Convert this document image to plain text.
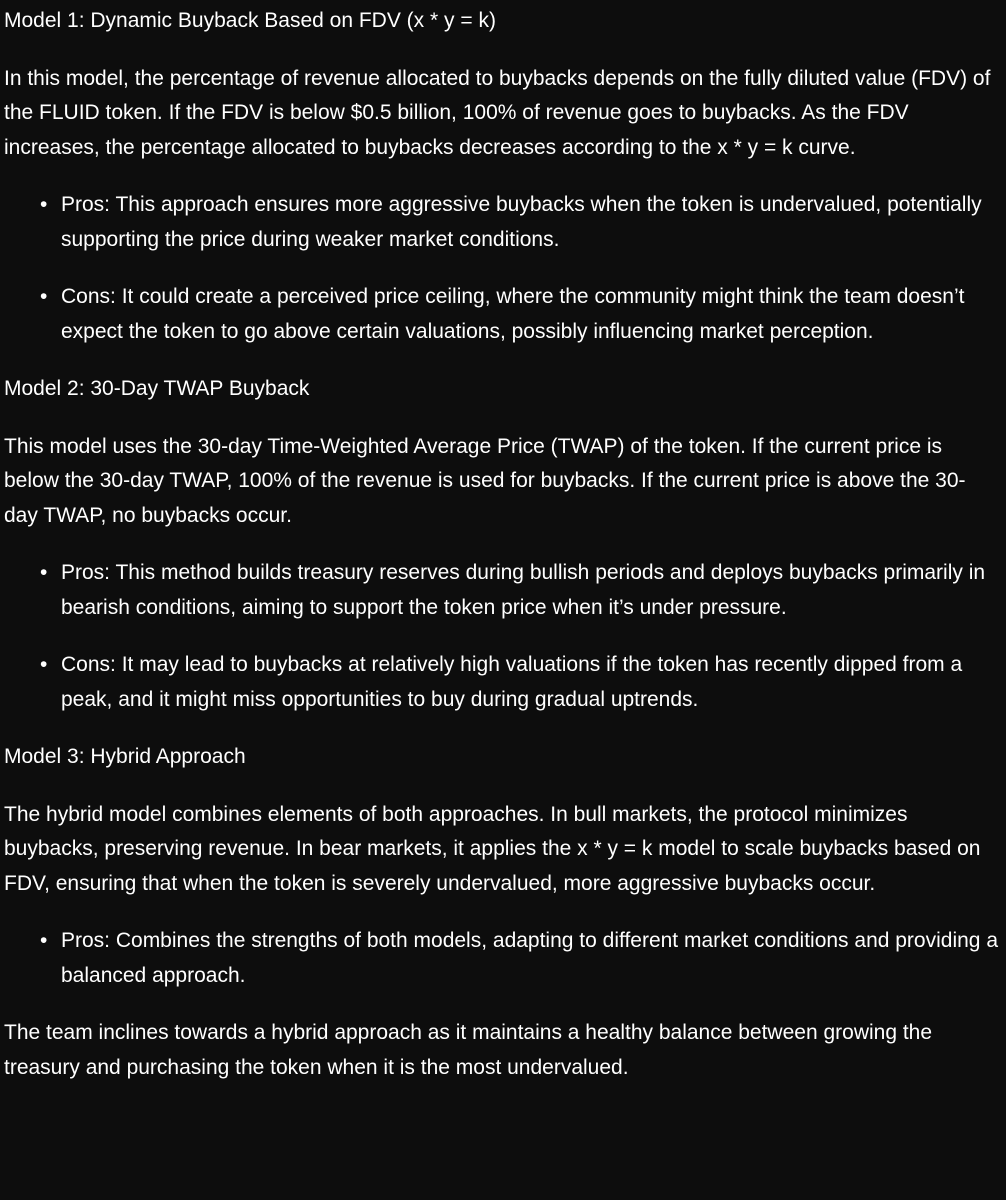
Model 1: Dynamic Buyback Based on FDV (x * y = k)

In this model, the percentage of revenue allocated to buybacks depends on the fully diluted value (FDV) of the FLUID token. If the FDV is below $0.5 billion, 100% of revenue goes to buybacks. As the FDV increases, the percentage allocated to buybacks decreases according to the x * y = k curve.

• Pros: This approach ensures more aggressive buybacks when the token is undervalued, potentially supporting the price during weaker market conditions.
• Cons: It could create a perceived price ceiling, where the community might think the team doesn’t expect the token to go above certain valuations, possibly influencing market perception.

Model 2: 30-Day TWAP Buyback

This model uses the 30-day Time-Weighted Average Price (TWAP) of the token. If the current price is below the 30-day TWAP, 100% of the revenue is used for buybacks. If the current price is above the 30-day TWAP, no buybacks occur.

• Pros: This method builds treasury reserves during bullish periods and deploys buybacks primarily in bearish conditions, aiming to support the token price when it’s under pressure.
• Cons: It may lead to buybacks at relatively high valuations if the token has recently dipped from a peak, and it might miss opportunities to buy during gradual uptrends.

Model 3: Hybrid Approach

The hybrid model combines elements of both approaches. In bull markets, the protocol minimizes buybacks, preserving revenue. In bear markets, it applies the x * y = k model to scale buybacks based on FDV, ensuring that when the token is severely undervalued, more aggressive buybacks occur.

• Pros: Combines the strengths of both models, adapting to different market conditions and providing a balanced approach.

The team inclines towards a hybrid approach as it maintains a healthy balance between growing the treasury and purchasing the token when it is the most undervalued.
